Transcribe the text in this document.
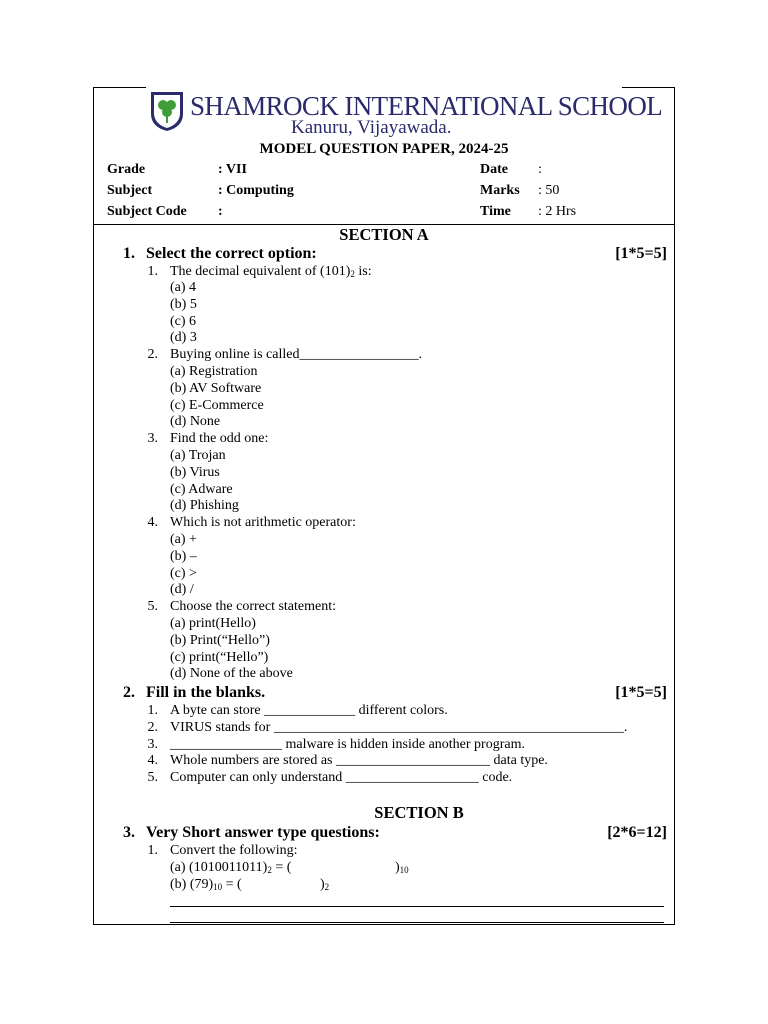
SHAMROCK INTERNATIONAL SCHOOL
Kanuru, Vijayawada.
MODEL QUESTION PAPER, 2024-25
Grade	: VII
Subject	: Computing
Subject Code :
Date :
Marks : 50
Time : 2 Hrs
SECTION A
1. Select the correct option:	[1*5=5]
1. The decimal equivalent of $(101)_2$ is:
(a) 4
(b) 5
(c) 6
(d) 3
2. Buying online is called_________________.
(a) Registration
(b) AV Software
(c) E-Commerce
(d) None
3. Find the odd one:
(a) Trojan
(b) Virus
(c) Adware
(d) Phishing
4. Which is not arithmetic operator:
(a) +
(b) –
(c) >
(d) /
5. Choose the correct statement:
(a) print(Hello)
(b) Print(“Hello”)
(c) print(“Hello”)
(d) None of the above
2. Fill in the blanks.	[1*5=5]
1. A byte can store _____________ different colors.
2. VIRUS stands for __________________________________________________.
3. ________________ malware is hidden inside another program.
4. Whole numbers are stored as ______________________ data type.
5. Computer can only understand ___________________ code.
SECTION B
3. Very Short answer type questions:	[2*6=12]
1. Convert the following:
(a) $(1010011011)_2$ = (	)$_{10}$
(b) $(79)_{10}$ = (	)$_2$
